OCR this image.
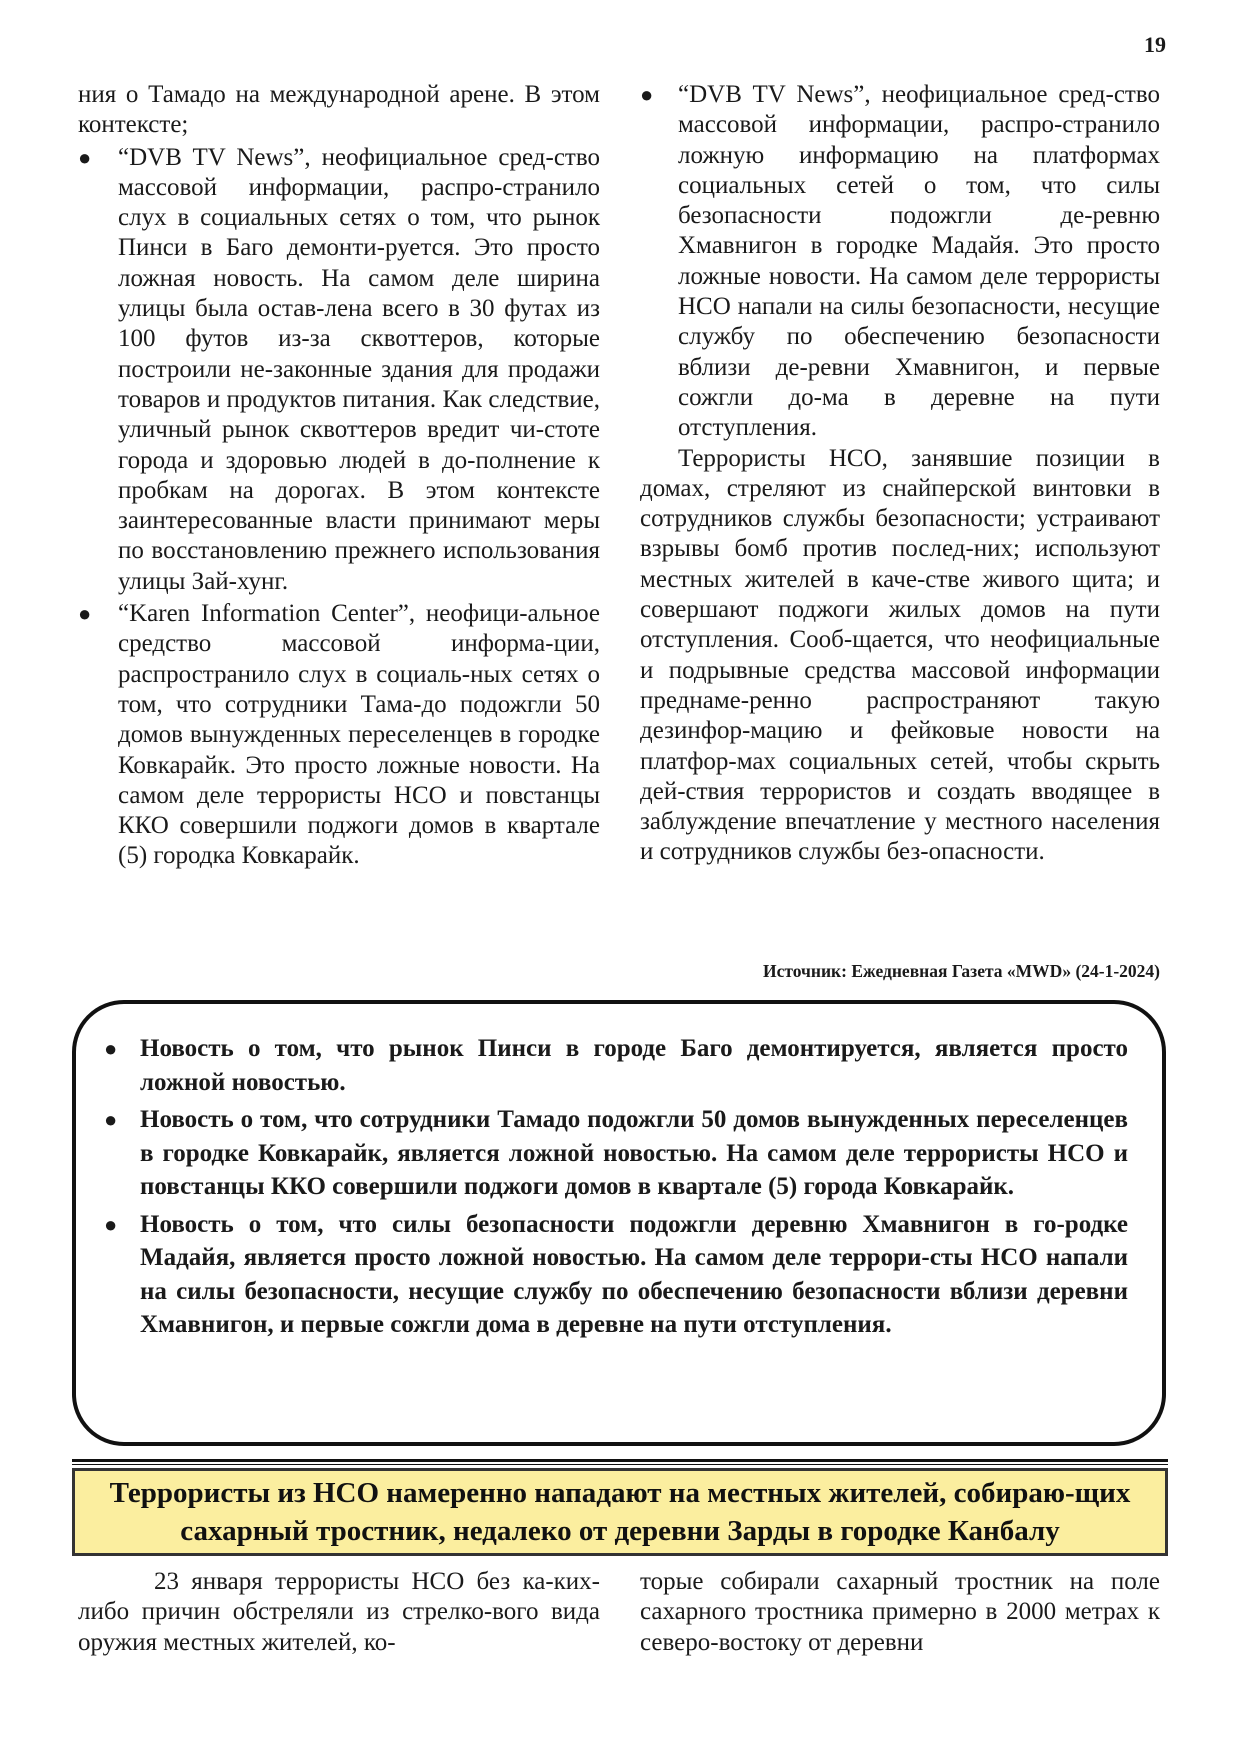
19

ния о Тамадо на международной арене. В этом контексте;

● “DVB TV News”, неофициальное сред-ство массовой информации, распро-странило слух в социальных сетях о том, что рынок Пинси в Баго демонти-руется. Это просто ложная новость. На самом деле ширина улицы была остав-лена всего в 30 футах из 100 футов из-за сквоттеров, которые построили не-законные здания для продажи товаров и продуктов питания. Как следствие, уличный рынок сквоттеров вредит чи-стоте города и здоровью людей в до-полнение к пробкам на дорогах. В этом контексте заинтересованные власти принимают меры по восстановлению прежнего использования улицы Зай-хунг.
● “Karen Information Center”, неофици-альное средство массовой информа-ции, распространило слух в социаль-ных сетях о том, что сотрудники Тама-до подожгли 50 домов вынужденных переселенцев в городке Ковкарайк. Это просто ложные новости. На самом деле террористы НСО и повстанцы ККО совершили поджоги домов в квартале (5) городка Ковкарайк.
● “DVB TV News”, неофициальное сред-ство массовой информации, распро-странило ложную информацию на платформах социальных сетей о том, что силы безопасности подожгли де-ревню Хмавнигон в городке Мадайя. Это просто ложные новости. На самом деле террористы НСО напали на силы безопасности, несущие службу по обеспечению безопасности вблизи де-ревни Хмавнигон, и первые сожгли до-ма в деревне на пути отступления.

Террористы НСО, занявшие позиции в домах, стреляют из снайперской винтовки в сотрудников службы безопасности; устраивают взрывы бомб против послед-них; используют местных жителей в каче-стве живого щита; и совершают поджоги жилых домов на пути отступления. Сооб-щается, что неофициальные и подрывные средства массовой информации преднаме-ренно распространяют такую дезинфор-мацию и фейковые новости на платфор-мах социальных сетей, чтобы скрыть дей-ствия террористов и создать вводящее в заблуждение впечатление у местного населения и сотрудников службы без-опасности.

Источник: Ежедневная Газета «MWD» (24-1-2024)
● Новость о том, что рынок Пинси в городе Баго демонтируется, является просто ложной новостью.
● Новость о том, что сотрудники Тамадо подожгли 50 домов вынужденных переселенцев в городке Ковкарайк, является ложной новостью. На самом деле террористы НСО и повстанцы ККО совершили поджоги домов в квартале (5) города Ковкарайк.
● Новость о том, что силы безопасности подожгли деревню Хмавнигон в го-родке Мадайя, является просто ложной новостью. На самом деле террори-сты НСО напали на силы безопасности, несущие службу по обеспечению безопасности вблизи деревни Хмавнигон, и первые сожгли дома в деревне на пути отступления.
Террористы из НСО намеренно нападают на местных жителей, собираю-щих сахарный тростник, недалеко от деревни Зарды в городке Канбалу

23 января террористы НСО без ка-ких-либо причин обстреляли из стрелко-вого вида оружия местных жителей, ко-

торые собирали сахарный тростник на поле сахарного тростника примерно в 2000 метрах к северо-востоку от деревни
